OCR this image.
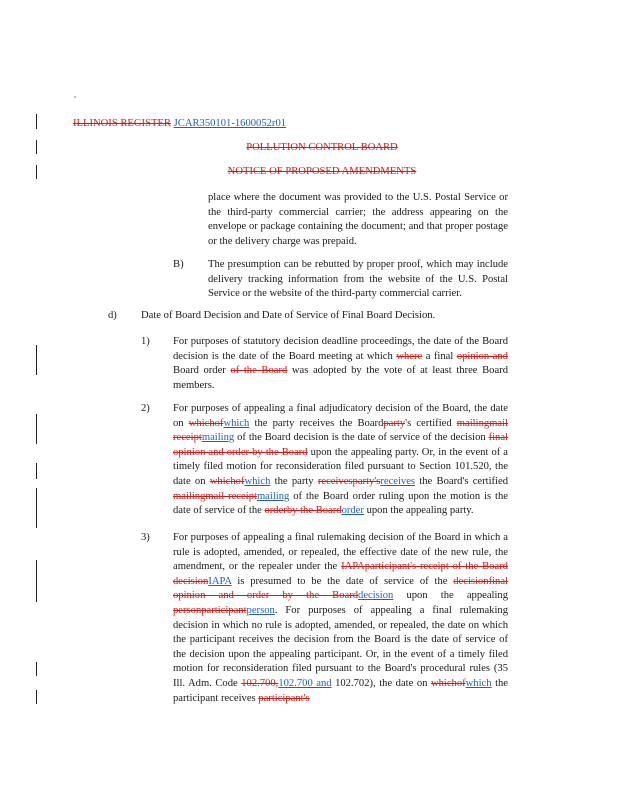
ILLINOIS REGISTER JCAR350101-1600052r01
POLLUTION CONTROL BOARD
NOTICE OF PROPOSED AMENDMENTS
place where the document was provided to the U.S. Postal Service or the third-party commercial carrier; the address appearing on the envelope or package containing the document; and that proper postage or the delivery charge was prepaid.
B) The presumption can be rebutted by proper proof, which may include delivery tracking information from the website of the U.S. Postal Service or the website of the third-party commercial carrier.
d) Date of Board Decision and Date of Service of Final Board Decision.
1) For purposes of statutory decision deadline proceedings, the date of the Board decision is the date of the Board meeting at which where a final opinion and Board order of the Board was adopted by the vote of at least three Board members.
2) For purposes of appealing a final adjudicatory decision of the Board, the date on whichofwhich the party receives the Boardparty's certified mailingmail receiptmailing of the Board decision is the date of service of the decision final opinion and order by the Board upon the appealing party. Or, in the event of a timely filed motion for reconsideration filed pursuant to Section 101.520, the date on whichofwhich the party receivesparty'sreceives the Board's certified mailingmail receiptmailing of the Board order ruling upon the motion is the date of service of the orderby the Boardorder upon the appealing party.
3) For purposes of appealing a final rulemaking decision of the Board in which a rule is adopted, amended, or repealed, the effective date of the new rule, the amendment, or the repealer under the IAPAparticipant's receipt of the Board decisionIAPA is presumed to be the date of service of the decisionfinal opinion and order by the Boarddecision upon the appealing personparticipantperson. For purposes of appealing a final rulemaking decision in which no rule is adopted, amended, or repealed, the date on which the participant receives the decision from the Board is the date of service of the decision upon the appealing participant. Or, in the event of a timely filed motion for reconsideration filed pursuant to the Board's procedural rules (35 Ill. Adm. Code 102.700,102.700 and 102.702), the date on whichofwhich the participant receives participant's
